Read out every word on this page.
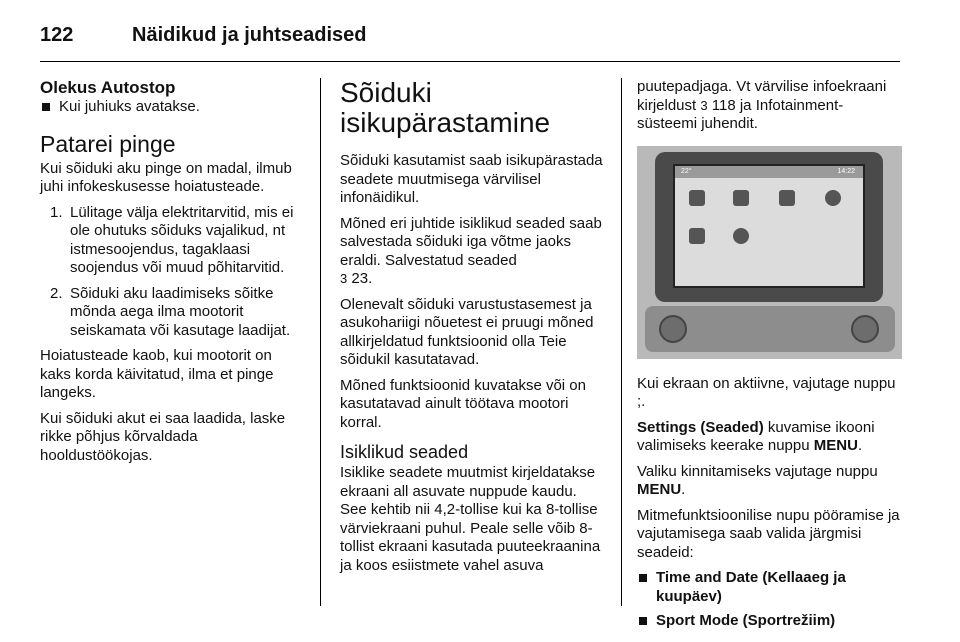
122	Näidikud ja juhtseadised
Olekus Autostop
Kui juhiuks avatakse.
Patarei pinge

Kui sõiduki aku pinge on madal, ilmub juhi infokeskusesse hoiatusteade.

1. Lülitage välja elektritarvitid, mis ei ole ohutuks sõiduks vajalikud, nt istmesoojendus, tagaklaasi soojendus või muud põhitarvitid.
2. Sõiduki aku laadimiseks sõitke mõnda aega ilma mootorit seiskamata või kasutage laadijat.

Hoiatusteade kaob, kui mootorit on kaks korda käivitatud, ilma et pinge langeks.

Kui sõiduki akut ei saa laadida, laske rikke põhjus kõrvaldada hooldustöökojas.

Sõiduki isikupärastamine

Sõiduki kasutamist saab isikupärastada seadete muutmisega värvilisel infonäidikul.

Mõned eri juhtide isiklikud seaded saab salvestada sõiduki iga võtme jaoks eraldi. Salvestatud seaded
3 23.

Olenevalt sõiduki varustustasemest ja asukohariigi nõuetest ei pruugi mõned allkirjeldatud funktsioonid olla Teie sõidukil kasutatavad.

Mõned funktsioonid kuvatakse või on kasutatavad ainult töötava mootori korral.

Isiklikud seaded

Isiklike seadete muutmist kirjeldatakse ekraani all asuvate nuppude kaudu. See kehtib nii 4,2-tollise kui ka 8-tollise värviekraani puhul. Peale selle võib 8-tollist ekraani kasutada puuteekraanina ja koos esiistmete vahel asuva

puutepadjaga. Vt värvilise infoekraani kirjeldust 3 118 ja Infotainment-süsteemi juhendit.

22°	14:22

Kui ekraan on aktiivne, vajutage nuppu ;.

Settings (Seaded) kuvamise ikooni valimiseks keerake nuppu MENU.

Valiku kinnitamiseks vajutage nuppu MENU.

Mitmefunktsioonilise nupu pööramise ja vajutamisega saab valida järgmisi seadeid:

Time and Date (Kellaaeg ja kuupäev)
Sport Mode (Sportrežiim)
